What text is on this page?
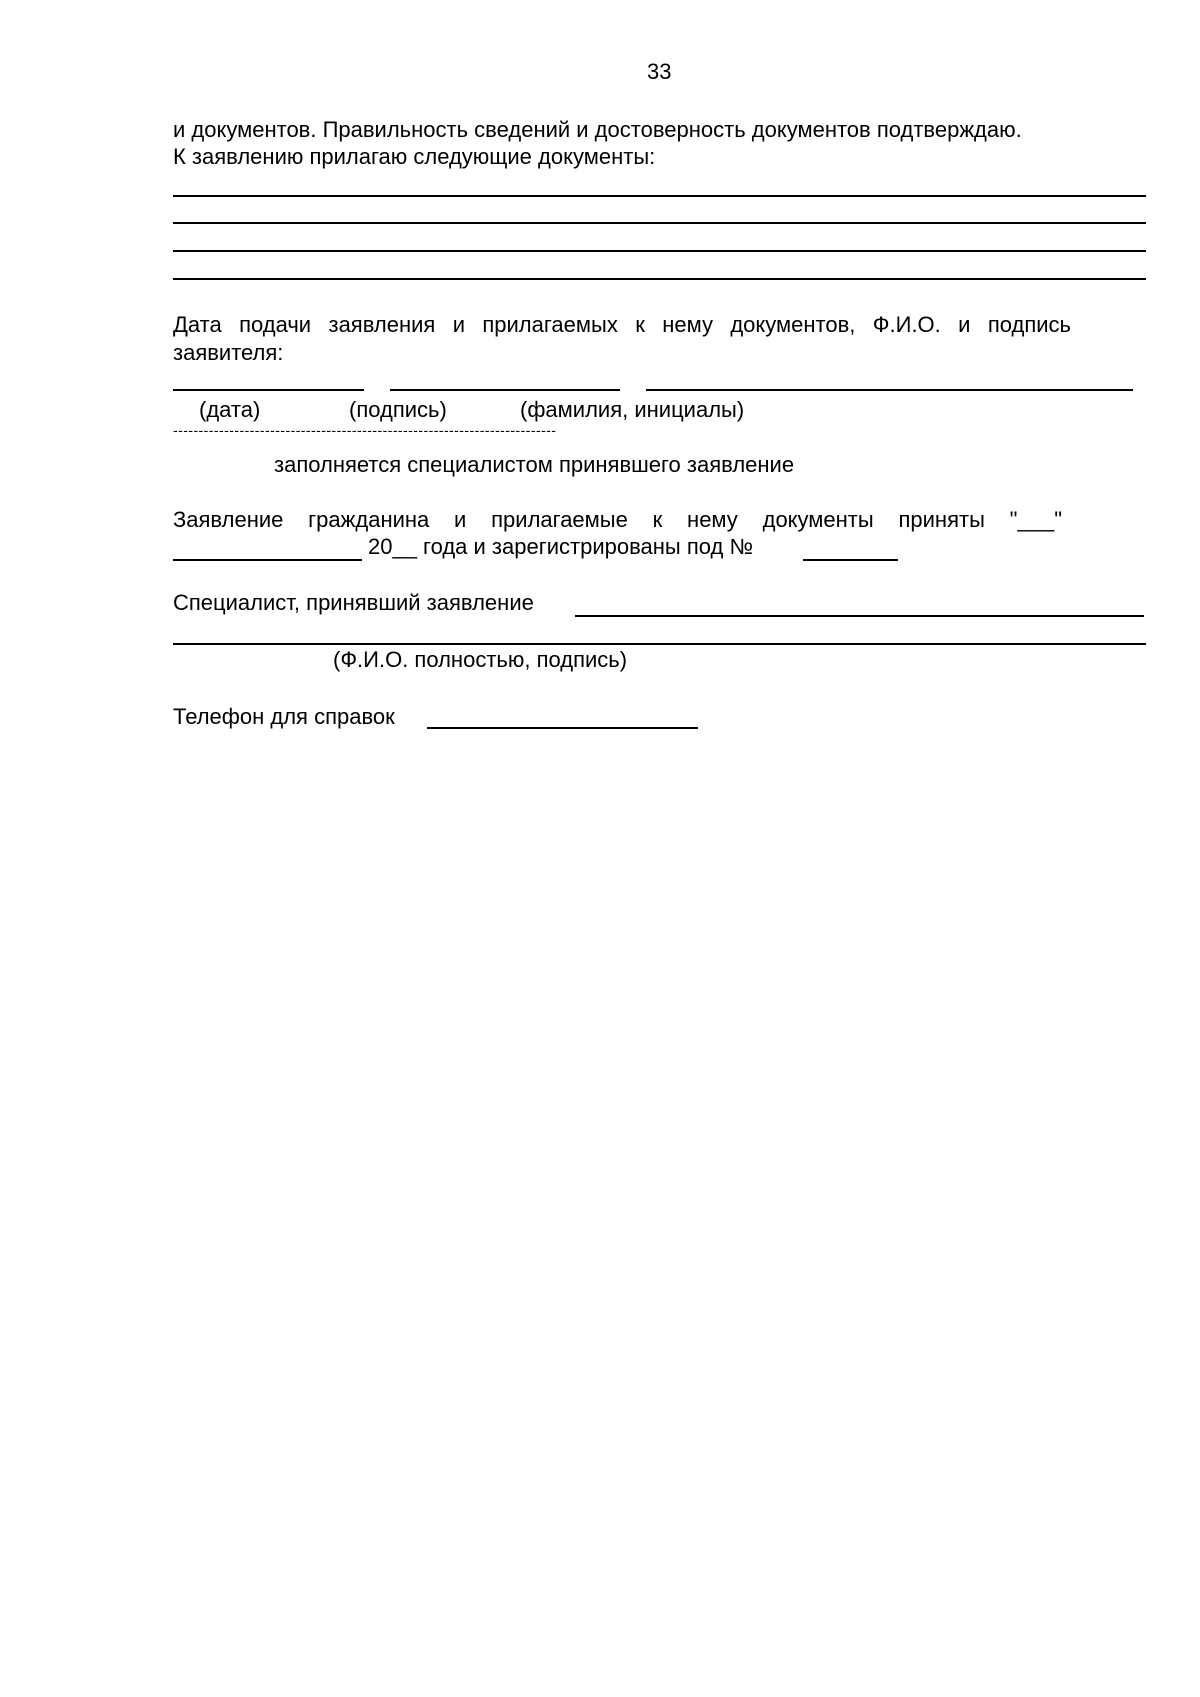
33
и документов. Правильность сведений и достоверность документов подтверждаю.
К заявлению прилагаю следующие документы:
Дата подачи заявления и прилагаемых к нему документов, Ф.И.О. и подпись
заявителя:
(дата)	(подпись)	(фамилия, инициалы)
---------------------------------------------------------------------------
заполняется специалистом принявшего заявление
Заявление гражданина и прилагаемые к нему документы приняты "___"
20__ года и зарегистрированы под №
Специалист, принявший заявление
(Ф.И.О. полностью, подпись)
Телефон для справок
